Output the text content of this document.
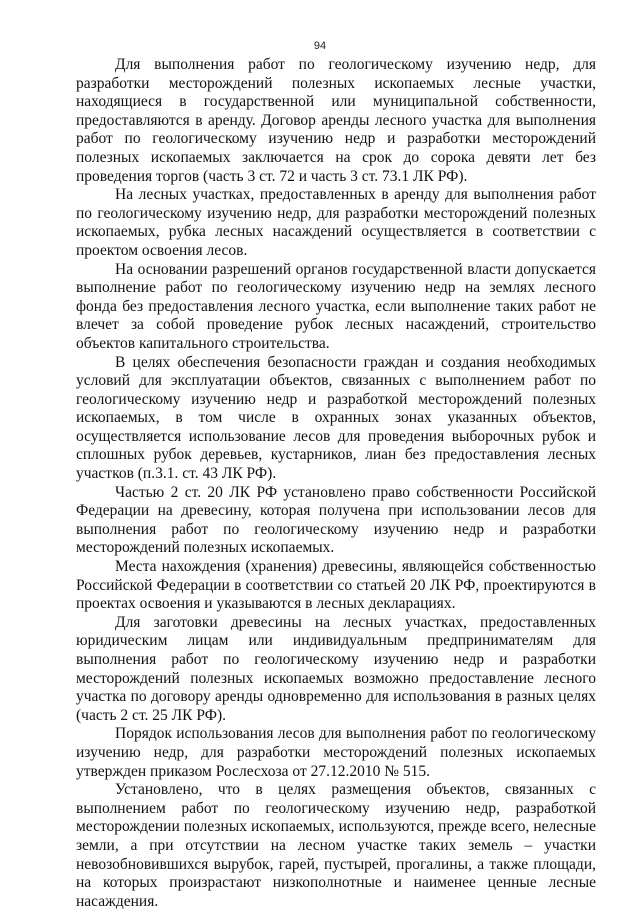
94

Для выполнения работ по геологическому изучению недр, для разработки месторождений полезных ископаемых лесные участки, находящиеся в государственной или муниципальной собственности, предоставляются в аренду. Договор аренды лесного участка для выполнения работ по геологическому изучению недр и разработки месторождений полезных ископаемых заключается на срок до сорока девяти лет без проведения торгов (часть 3 ст. 72 и часть 3 ст. 73.1 ЛК РФ).

На лесных участках, предоставленных в аренду для выполнения работ по геологическому изучению недр, для разработки месторождений полезных ископаемых, рубка лесных насаждений осуществляется в соответствии с проектом освоения лесов.

На основании разрешений органов государственной власти допускается выполнение работ по геологическому изучению недр на землях лесного фонда без предоставления лесного участка, если выполнение таких работ не влечет за собой проведение рубок лесных насаждений, строительство объектов капитального строительства.

В целях обеспечения безопасности граждан и создания необходимых условий для эксплуатации объектов, связанных с выполнением работ по геологическому изучению недр и разработкой месторождений полезных ископаемых, в том числе в охранных зонах указанных объектов, осуществляется использование лесов для проведения выборочных рубок и сплошных рубок деревьев, кустарников, лиан без предоставления лесных участков (п.3.1. ст. 43 ЛК РФ).

Частью 2 ст. 20 ЛК РФ установлено право собственности Российской Федерации на древесину, которая получена при использовании лесов для выполнения работ по геологическому изучению недр и разработки месторождений полезных ископаемых.

Места нахождения (хранения) древесины, являющейся собственностью Российской Федерации в соответствии со статьей 20 ЛК РФ, проектируются в проектах освоения и указываются в лесных декларациях.

Для заготовки древесины на лесных участках, предоставленных юридическим лицам или индивидуальным предпринимателям для выполнения работ по геологическому изучению недр и разработки месторождений полезных ископаемых возможно предоставление лесного участка по договору аренды одновременно для использования в разных целях (часть 2 ст. 25 ЛК РФ).

Порядок использования лесов для выполнения работ по геологическому изучению недр, для разработки месторождений полезных ископаемых утвержден приказом Рослесхоза от 27.12.2010 № 515.

Установлено, что в целях размещения объектов, связанных с выполнением работ по геологическому изучению недр, разработкой месторождении полезных ископаемых, используются, прежде всего, нелесные земли, а при отсутствии на лесном участке таких земель – участки невозобновившихся вырубок, гарей, пустырей, прогалины, а также площади, на которых произрастают низкополнотные и наименее ценные лесные насаждения.
